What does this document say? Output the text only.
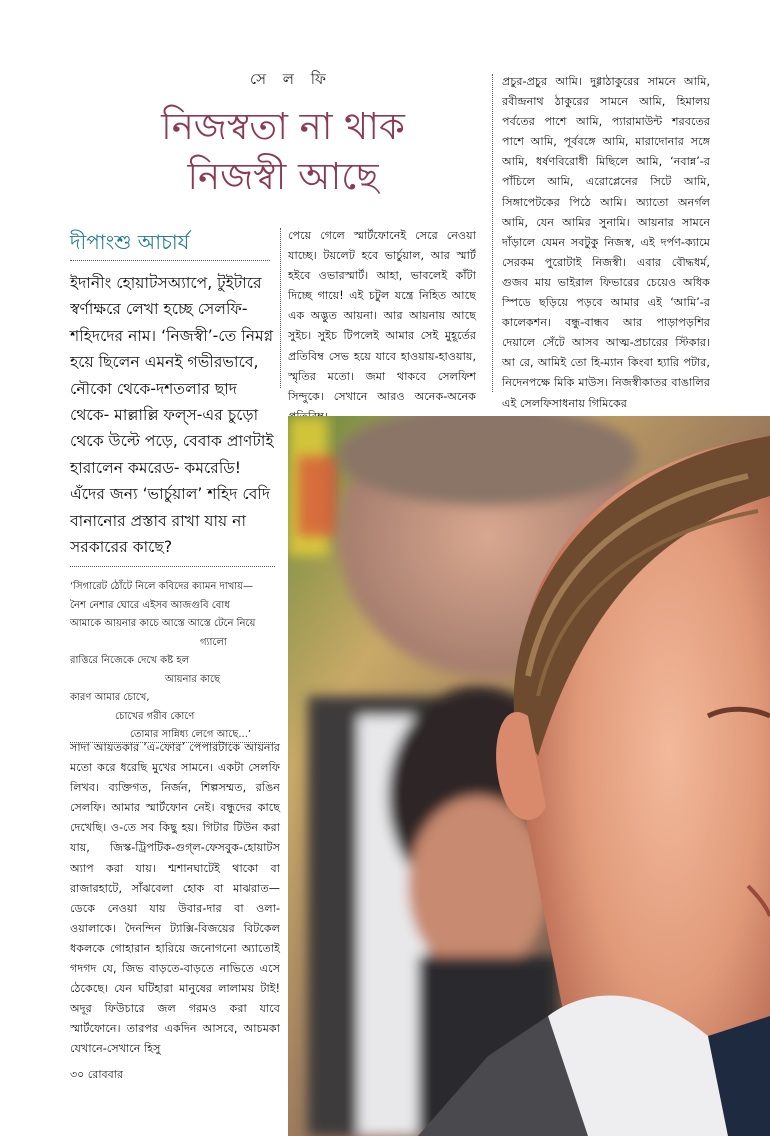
সে ল ফি
নিজস্বতা না থাক
নিজস্বী আছে
দীপাংশু আচার্য
ইদানীং হোয়াটসঅ্যাপে, টুইটারে স্বর্ণাক্ষরে লেখা হচ্ছে সেলফি-শহিদদের নাম। ‘নিজস্বী’-তে নিমগ্ন হয়ে ছিলেন এমনই গভীরভাবে, নৌকো থেকে-দশতলার ছাদ থেকে- মাল্লাল্লি ফল্‌স-এর চুড়ো থেকে উল্টে পড়ে, বেবাক প্রাণটাই হারালেন কমরেড- কমরেডি! এঁদের জন্য ‘ভার্চুয়াল’ শহিদ বেদি বানানোর প্রস্তাব রাখা যায় না সরকারের কাছে?
‘সিগারেট ঠোঁটে নিলে কবিদের ক্যামন দাখায়—
নৈশ নেশার ঘোরে এইসব আজগুবি বোধ
আমাকে আয়নার কাচে আস্তে আস্তে টেনে নিয়ে
গ্যালো
রাত্তিরে নিজেকে দেখে কষ্ট হল
আয়নার কাছে
কারণ আমার চোখে,
চোখের গরীব কোণে
তোমার সান্নিধ্য লেগে আছে...’
সাদা আয়তকার ‘এ-ফোর’ পেপারটাকে আয়নার মতো করে ধরেছি মুখের সামনে। একটা সেলফি লিখব। ব্যক্তিগত, নির্জন, শিল্পসম্মত, রঙিন সেলফি। আমার স্মার্টফোন নেই। বন্ধুদের কাছে দেখেছি। ও-তে সব কিছু হয়। গিটার টিউন করা যায়, জিস্ক-ট্রিপটিক-গুগ্‌ল-ফেসবুক-হোয়াটস অ্যাপ করা যায়। শ্মশানঘাটেই থাকো বা রাজারহাটে, সাঁঝবেলা হোক বা মাঝরাত—ডেকে নেওয়া যায় উবার-দার বা ওলা-ওয়ালাকে। দৈনন্দিন ট্যাক্সি-বিজয়ের বিটকেল ধকলকে গোহারান হারিয়ে জনোগনো অ্যাতোই গদগদ যে, জিভ বাড়তে-বাড়তে নাভিতে এসে ঠেকেছে। যেন ঘটিহারা মানুষের লালাময় টাই! অদূর ফিউচারে জল গরমও করা যাবে স্মার্টফোনে। তারপর একদিন আসবে, আচমকা যেখানে-সেখানে হিসু
পেয়ে গেলে স্মার্টফোনেই সেরে নেওয়া যাচ্ছে। টয়লেট হবে ভার্চুয়াল, আর স্মার্ট হইবে ওভারস্মার্ট। আহা, ভাবলেই কাঁটা দিচ্ছে গায়ে! এই চটুল যন্ত্রে নিহিত আছে এক অদ্ভুত আয়না। আর আয়নায় আছে সুইচ। সুইচ টিপলেই আমার সেই মুহূর্তের প্রতিবিম্ব সেভ হয়ে যাবে হাওয়ায়-হাওয়ায়, স্মৃতির মতো। জমা থাকবে সেলফিশ সিন্দুকে। সেখানে আরও অনেক-অনেক
প্রচুর-প্রচুর আমি। দুগ্গাঠাকুরের সামনে আমি, রবীন্দ্রনাথ ঠাকুরের সামনে আমি, হিমালয় পর্বতের পাশে আমি, প্যারামাউন্ট শরবতের পাশে আমি, পূর্ববঙ্গে আমি, মারাদোনার সঙ্গে আমি, ধর্ষণবিরোধী মিছিলে আমি, ‘নবান্ন’-র পাঁচিলে আমি, এরোপ্লেনের সিটে আমি, সিঙ্গাপেটকের পিঠে আমি। অ্যাতো অনর্গল আমি, যেন আমির সুনামি। আয়নার সামনে দাঁড়ালে যেমন সবটুকু নিজস্ব, এই দর্পণ-ক্যামে সেরকম পুরোটাই নিজস্বী। এবার বৌদ্ধধর্ম, গুজব মায় ভাইরাল ফিভারের চেয়েও অধিক স্পিডে ছড়িয়ে পড়বে আমার এই ‘আমি’-র কালেকশন। বন্ধু-বান্ধব আর পাড়াপড়শির দেয়ালে সেঁটে আসব আত্ম-প্রচারের স্টিকার। আ রে, আমিই তো হি-ম্যান কিংবা হ্যারি পটার, নিদেনপক্ষে মিকি মাউস। নিজস্বীকাতর বাঙালির এই সেলফিসাধনায় গিমিকের
৩০ রোববার
